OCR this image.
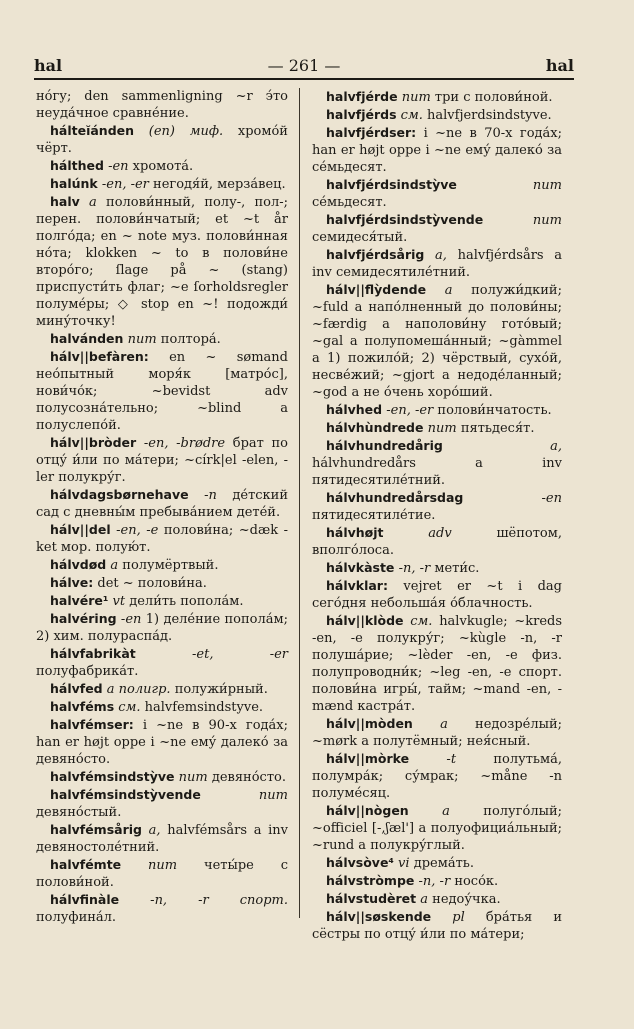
hal	— 261 —	hal

нóгу; den sammenligning ~r э́то неуда́чное сравне́ние.

hálteĭánden (en) миф. хромо́й чёрт.

hálthed -en хромота́.

halúnk -en, -er негодя́й, мерза́вец.

halv a полови́нный, полу-, пол-; перен. полови́нчатый; et ~t år полго́да; en ~ note муз. полови́нная но́та; klokken ~ to в полови́не второ́го; ſlage på ~ (stang) приспусти́ть флаг; ~e ſorholdsregler полуме́ры; ◇ stop en ~! подожди́ мину́точку!

halvánden num полтора́.

hálv||befàren: en ~ sømand нео́пытный моря́к [матро́с], нови́чо́к; ~bevidst adv полусозна́тельно; ~blind a полуслепо́й.

hálv||bròder -en, -brødre брат по отцу́ и́ли по ма́тери; ~círk|el -elen, -ler полукру́г.

hálvdagsbørnehave -n де́тский сад с дневны́м пребыва́нием дете́й.

hálv||del -en, -e полови́на; ~dæk -ket мор. полую́т.

hálvdød a полумёртвый.

hálve: det ~ полови́на.

halvére¹ vt дели́ть попола́м.

halvéring -en 1) деле́ние попола́м; 2) хим. полураспа́д.

hálvfabrikàt	-et, -er полуфабрика́т.

hálvfed a полигр. полужи́рный.

halvféms см. halvfemsindstyve.

halvfémser: i ~ne в 90-х года́х; han er højt oppe i ~ne ему́ далеко́ за девяно́сто.

halvfémsindstỳve num девяно́сто.

halvfémsindstỳvende	num девяно́стый.

halvfémsårig a, halvfémsårs a inv девяностоле́тний.

halvfémte num четы́ре с полови́ной.

hálvfinàle -n, -r спорт. полуфина́л.

halvfjérde num три с полови́ной.

halvfjérds см. halvfjerdsindstyve.

halvfjérdser: i ~ne в 70-х года́х; han er højt oppe i ~ne ему́ далеко́ за се́мьдесят.

halvfjérdsindstỳve	num се́мьдесят.

halvfjérdsindstỳvende	num семидеся́тый.

halvfjérdsårig a, halvfjérdsårs a inv семидесятиле́тний.

hálv||flỳdende a полужи́дкий; ~fuld a напо́лненный до полови́ны; ~færdig a наполови́ну гото́вый; ~gal a полупомеша́нный; ~gàmmel a 1) пожило́й; 2) чёрствый, сухо́й, несве́жий; ~gjort a недоде́ланный; ~god a не о́чень хоро́ший.

hálvhed -en, -er полови́нчатость.

hálvhùndrede num пятьдеся́т.

hálvhundredårig	a, hálvhundredårs a inv пятидесятиле́тний.

hálvhundredårsdag	-en пятидесятиле́тие.

hálvhøjt	adv	шёпотом, вполго́лоса.

hálvkàste -n, -r мети́с.

hálvklar: vejret er ~t i dag сего́дня небольша́я о́блачность.

hálv||klòde см. halvkugle; ~kreds -en, -e полукру́г; ~kùgle -n, -r полуша́рие; ~lèder -en, -e физ. полупроводни́к; ~leg -en, -e спорт. полови́на игры́, тайм; ~mand -en, -mænd кастра́т.

hálv||mòden a недозре́лый; ~mørk a полутёмный; нея́сный.

hálv||mòrke	-t	полутьма́, полумра́к; су́мрак; ~måne -n полуме́сяц.

hálv||nògen	a	полуго́лый; ~officiel [-,ʃæl'] a полуофициа́льный; ~rund a полукру́глый.

hálvsòve⁴ vi дрема́ть.

hálvstròmpe -n, -r носо́к.

hálvstudèret a недоу́чка.

hálv||søskende pl бра́тья и сёстры по отцу́ и́ли по ма́тери;
